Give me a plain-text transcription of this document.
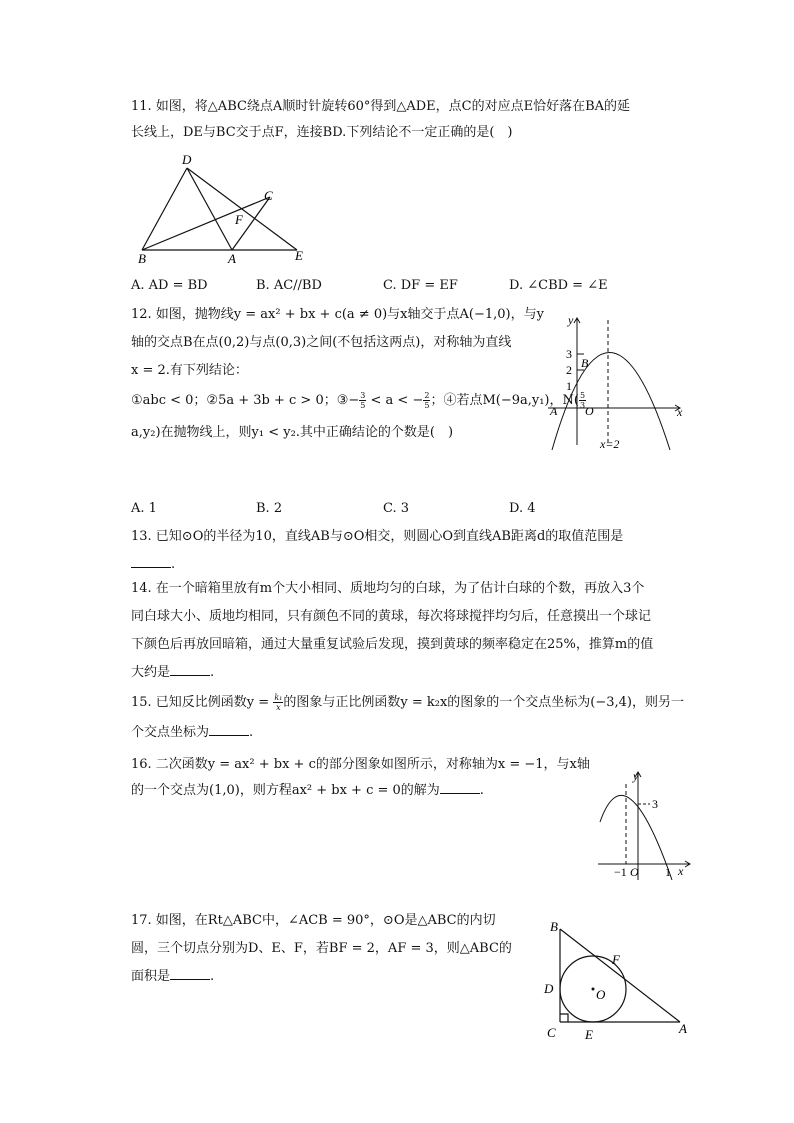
11. 如图，将△ABC绕点A顺时针旋转60°得到△ADE，点C的对应点E恰好落在BA的延
长线上，DE与BC交于点F，连接BD.下列结论不一定正确的是(　)
D
C
F
B	A	E
A. AD = BD	B. AC//BD	C. DF = EF	D. ∠CBD = ∠E
12. 如图，抛物线y = ax² + bx + c(a ≠ 0)与x轴交于点A(−1,0)，与y
轴的交点B在点(0,2)与点(0,3)之间(不包括这两点)，对称轴为直线
x = 2.有下列结论：
①abc < 0；②5a + 3b + c > 0；③− $\frac{3}{5} < a$ < − $\frac{2}{5}$ ；④若点M(−9a,y₁)，$N( \frac{5}{3}$
a,y₂)在抛物线上，则y₁ < y₂.其中正确结论的个数是(　)
y
x
3
2
1
B
A O
x=2
A. 1	B. 2	C. 3	D. 4
13. 已知⊙O的半径为10，直线AB与⊙O相交，则圆心O到直线AB距离d的取值范围是
.
14. 在一个暗箱里放有m个大小相同、质地均匀的白球，为了估计白球的个数，再放入3个
同白球大小、质地均相同，只有颜色不同的黄球，每次将球搅拌均匀后，任意摸出一个球记
下颜色后再放回暗箱，通过大量重复试验后发现，摸到黄球的频率稳定在25%，推算m的值
大约是	.
15. 已知反比例函数$y = \frac{\text{k₁}}{x}$ 的图象与正比例函数y = k₂x的图象的一个交点坐标为(−3,4)，则另一
个交点坐标为	.
16. 二次函数y = ax² + bx + c的部分图象如图所示，对称轴为x = −1，与x轴
的一个交点为(1,0)，则方程ax² + bx + c = 0的解为	.
y
x
3
−1 O 1
17. 如图，在Rt△ABC中，∠ACB = 90°，⊙O是△ABC的内切
圆，三个切点分别为D、E、F，若BF = 2，AF = 3，则△ABC的
面积是	.
B
F
D	O
C E	A
